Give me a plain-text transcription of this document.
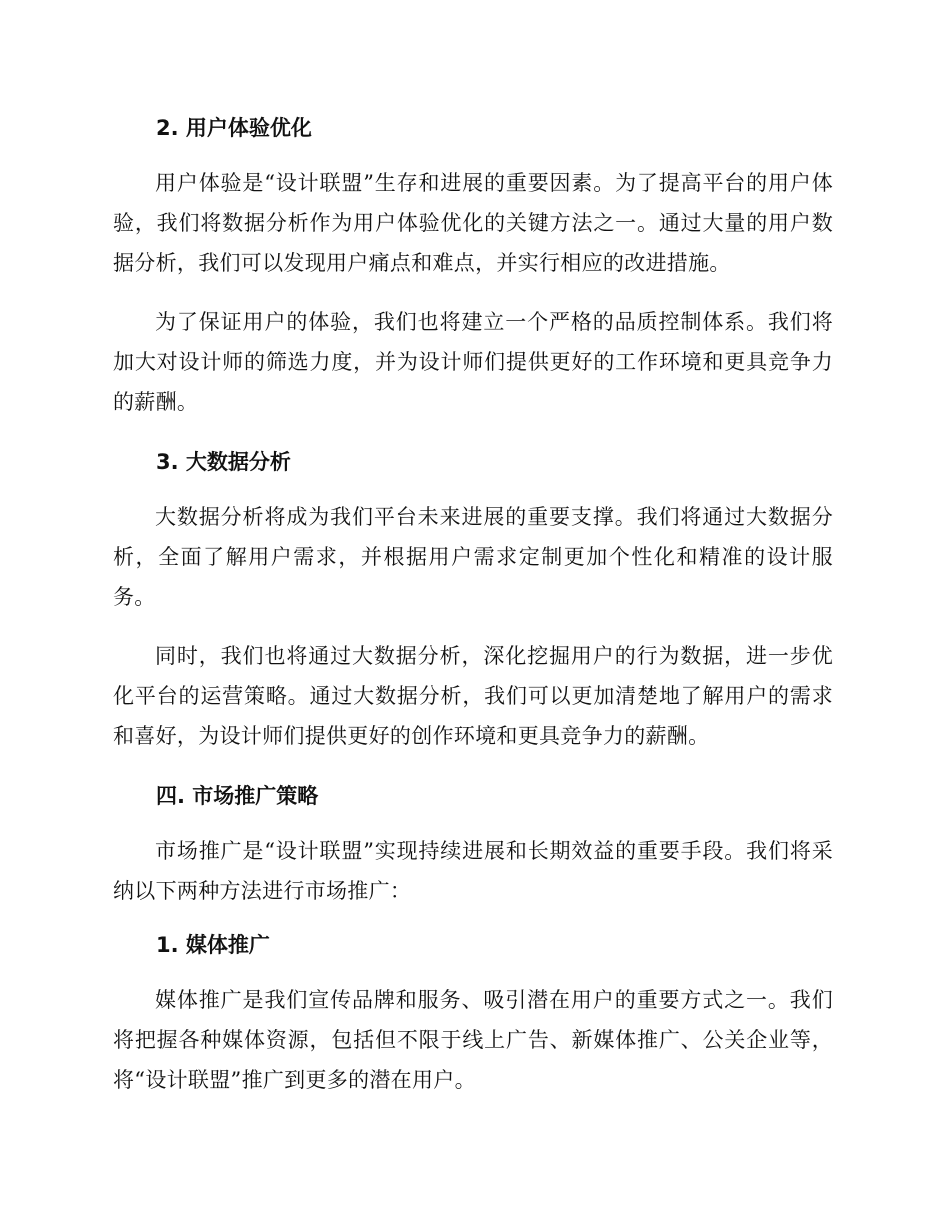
2. 用户体验优化

用户体验是“设计联盟”生存和进展的重要因素。为了提高平台的用户体验，我们将数据分析作为用户体验优化的关键方法之一。通过大量的用户数据分析，我们可以发现用户痛点和难点，并实行相应的改进措施。

为了保证用户的体验，我们也将建立一个严格的品质控制体系。我们将加大对设计师的筛选力度，并为设计师们提供更好的工作环境和更具竞争力的薪酬。

3. 大数据分析

大数据分析将成为我们平台未来进展的重要支撑。我们将通过大数据分析，全面了解用户需求，并根据用户需求定制更加个性化和精准的设计服务。

同时，我们也将通过大数据分析，深化挖掘用户的行为数据，进一步优化平台的运营策略。通过大数据分析，我们可以更加清楚地了解用户的需求和喜好，为设计师们提供更好的创作环境和更具竞争力的薪酬。

四. 市场推广策略

市场推广是“设计联盟”实现持续进展和长期效益的重要手段。我们将采纳以下两种方法进行市场推广：

1. 媒体推广

媒体推广是我们宣传品牌和服务、吸引潜在用户的重要方式之一。我们将把握各种媒体资源，包括但不限于线上广告、新媒体推广、公关企业等，将“设计联盟”推广到更多的潜在用户。
